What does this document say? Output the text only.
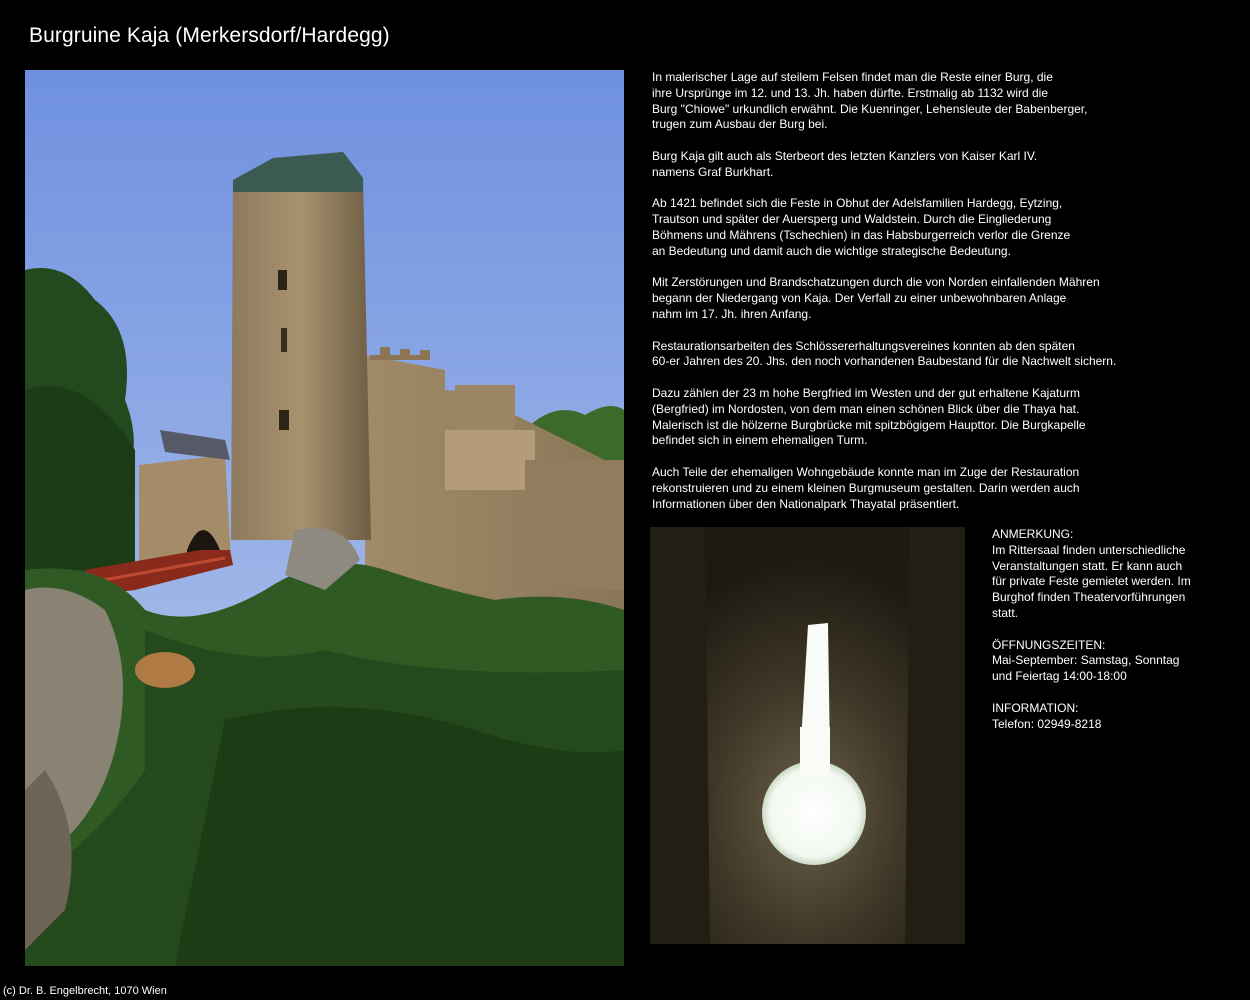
Burgruine Kaja (Merkersdorf/Hardegg)

In malerischer Lage auf steilem Felsen findet man die Reste einer Burg, die
ihre Ursprünge im 12. und 13. Jh. haben dürfte. Erstmalig ab 1132 wird die
Burg "Chiowe" urkundlich erwähnt. Die Kuenringer, Lehensleute der Babenberger,
trugen zum Ausbau der Burg bei.

Burg Kaja gilt auch als Sterbeort des letzten Kanzlers von Kaiser Karl IV.
namens Graf Burkhart.

Ab 1421 befindet sich die Feste in Obhut der Adelsfamilien Hardegg, Eytzing,
Trautson und später der Auersperg und Waldstein. Durch die Eingliederung
Böhmens und Mährens (Tschechien) in das Habsburgerreich verlor die Grenze
an Bedeutung und damit auch die wichtige strategische Bedeutung.

Mit Zerstörungen und Brandschatzungen durch die von Norden einfallenden Mähren
begann der Niedergang von Kaja. Der Verfall zu einer unbewohnbaren Anlage
nahm im 17. Jh. ihren Anfang.

Restaurationsarbeiten des Schlössererhaltungsvereines konnten ab den späten
60-er Jahren des 20. Jhs. den noch vorhandenen Baubestand für die Nachwelt sichern.

Dazu zählen der 23 m hohe Bergfried im Westen und der gut erhaltene Kajaturm
(Bergfried) im Nordosten, von dem man einen schönen Blick über die Thaya hat.
Malerisch ist die hölzerne Burgbrücke mit spitzbögigem Haupttor. Die Burgkapelle
befindet sich in einem ehemaligen Turm.

Auch Teile der ehemaligen Wohngebäude konnte man im Zuge der Restauration
rekonstruieren und zu einem kleinen Burgmuseum gestalten. Darin werden auch
Informationen über den Nationalpark Thayatal präsentiert.

ANMERKUNG:
Im Rittersaal finden unterschiedliche
Veranstaltungen statt. Er kann auch
für private Feste gemietet werden. Im
Burghof finden Theatervorführungen
statt.

ÖFFNUNGSZEITEN:
Mai-September: Samstag, Sonntag
und Feiertag 14:00-18:00

INFORMATION:
Telefon: 02949-8218

(c) Dr. B. Engelbrecht, 1070 Wien
